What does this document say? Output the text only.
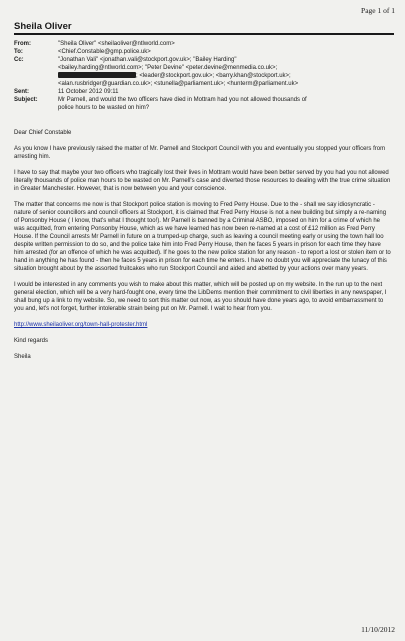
Page 1 of 1
Sheila Oliver
From:	"Sheila Oliver" <sheilaoliver@ntlworld.com>
To:	<Chief.Constable@gmp.police.uk>
Cc:	"Jonathan Vali" <jonathan.vali@stockport.gov.uk>; "Bailey Harding"
<bailey.harding@ntlworld.com>; "Peter Devine" <peter.devine@menmedia.co.uk>;
; <leader@stockport.gov.uk>; <barry.khan@stockport.uk>;
<alan.rusbridger@guardian.co.uk>; <stunella@parliament.uk>; <hunterm@parliament.uk>
Sent:	11 October 2012 09:11
Subject:	Mr Parnell, and would the two officers have died in Mottram had you not allowed thousands of
police hours to be wasted on him?

Dear Chief Constable

As you know I have previously raised the matter of Mr. Parnell and Stockport Council with you and eventually you stopped your officers from arresting him.

I have to say that maybe your two officers who tragically lost their lives in Mottram would have been better served by you had you not allowed literally thousands of police man hours to be wasted on Mr. Parnell's case and diverted those resources to dealing with the true crime situation in Greater Manchester. However, that is now between you and your conscience.

The matter that concerns me now is that Stockport police station is moving to Fred Perry House. Due to the - shall we say idiosyncratic - nature of senior councillors and council officers at Stockport, it is claimed that Fred Perry House is not a new building but simply a re-naming of Ponsonby House ( I know, that's what I thought too!). Mr Parnell is banned by a Criminal ASBO, imposed on him for a crime of which he was acquitted, from entering Ponsonby House, which as we have learned has now been re-named at a cost of £12 million as Fred Perry House. If the Council arrests Mr Parnell in future on a trumped-up charge, such as leaving a council meeting early or using the town hall loo despite written permission to do so, and the police take him into Fred Perry House, then he faces 5 years in prison for each time they have him arrested (for an offence of which he was acquitted). If he goes to the new police station for any reason - to report a lost or stolen item or to hand in anything he has found - then he faces 5 years in prison for each time he enters. I have no doubt you will appreciate the lunacy of this situation brought about by the assorted fruitcakes who run Stockport Council and aided and abetted by your actions over many years.

I would be interested in any comments you wish to make about this matter, which will be posted up on my website. In the run up to the next general election, which will be a very hard-fought one, every time the LibDems mention their commitment to civil liberties in any newspaper, I shall bung up a link to my website. So, we need to sort this matter out now, as you should have done years ago, to avoid embarrassment to you and, let's not forget, further intolerable strain being put on Mr. Parnell. I wait to hear from you.

http://www.sheilaoliver.org/town-hall-protester.html

Kind regards

Sheila

11/10/2012
